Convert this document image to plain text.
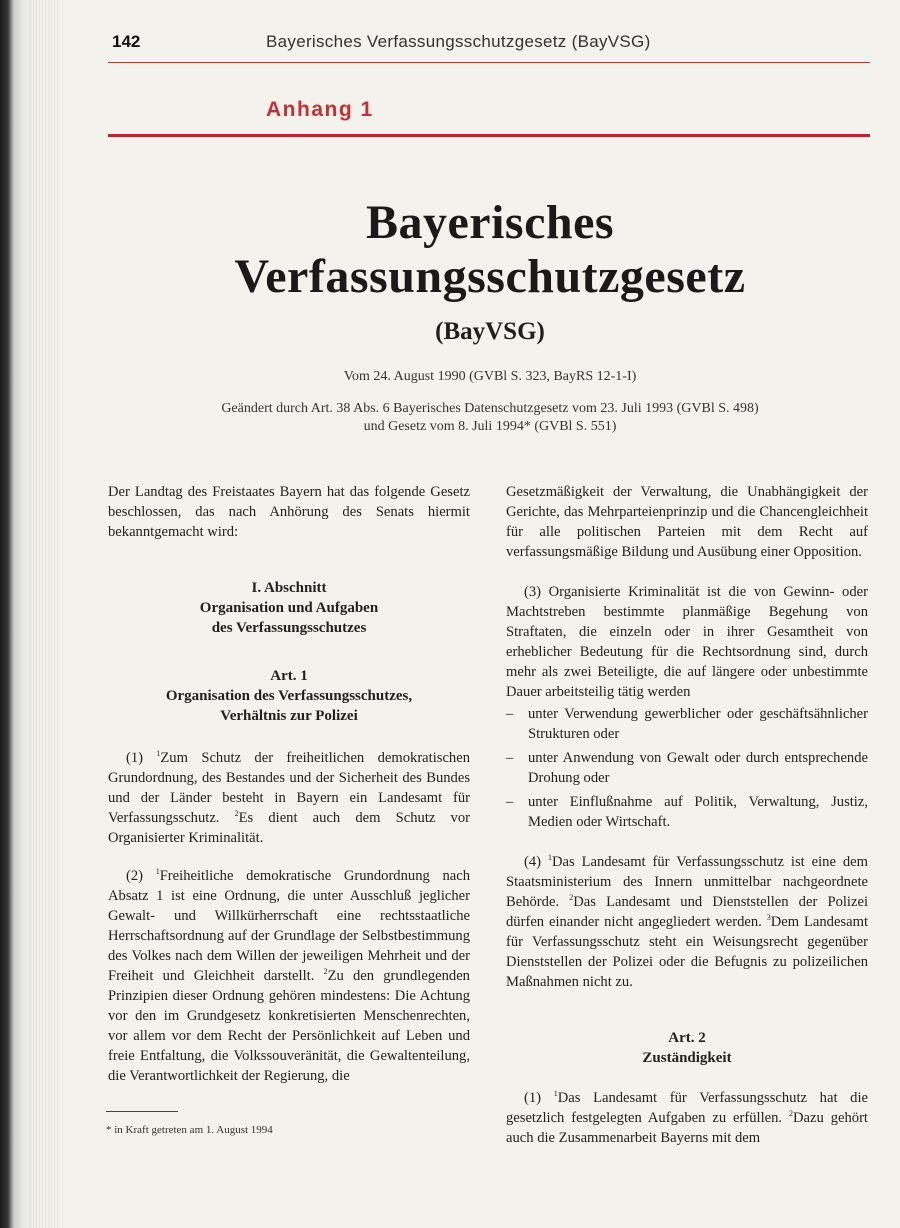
142	Bayerisches Verfassungsschutzgesetz (BayVSG)
Anhang 1
Bayerisches
Verfassungsschutzgesetz
(BayVSG)
Vom 24. August 1990 (GVBl S. 323, BayRS 12-1-I)
Geändert durch Art. 38 Abs. 6 Bayerisches Datenschutzgesetz vom 23. Juli 1993 (GVBl S. 498)
und Gesetz vom 8. Juli 1994* (GVBl S. 551)

Der Landtag des Freistaates Bayern hat das folgende Gesetz beschlossen, das nach Anhörung des Senats hiermit bekanntgemacht wird:

I. Abschnitt
Organisation und Aufgaben
des Verfassungsschutzes
Art. 1
Organisation des Verfassungsschutzes,
Verhältnis zur Polizei

(1) $^1$Zum Schutz der freiheitlichen demokratischen Grundordnung, des Bestandes und der Sicherheit des Bundes und der Länder besteht in Bayern ein Landesamt für Verfassungsschutz. $^2$Es dient auch dem Schutz vor Organisierter Kriminalität.

(2) $^1$Freiheitliche demokratische Grundordnung nach Absatz 1 ist eine Ordnung, die unter Ausschluß jeglicher Gewalt- und Willkürherrschaft eine rechtsstaatliche Herrschaftsordnung auf der Grundlage der Selbstbestimmung des Volkes nach dem Willen der jeweiligen Mehrheit und der Freiheit und Gleichheit darstellt. $^2$Zu den grundlegenden Prinzipien dieser Ordnung gehören mindestens: Die Achtung vor den im Grundgesetz konkretisierten Menschenrechten, vor allem vor dem Recht der Persönlichkeit auf Leben und freie Entfaltung, die Volkssouveränität, die Gewaltenteilung, die Verantwortlichkeit der Regierung, die

Gesetzmäßigkeit der Verwaltung, die Unabhängigkeit der Gerichte, das Mehrparteienprinzip und die Chancengleichheit für alle politischen Parteien mit dem Recht auf verfassungsmäßige Bildung und Ausübung einer Opposition.

(3) Organisierte Kriminalität ist die von Gewinn- oder Machtstreben bestimmte planmäßige Begehung von Straftaten, die einzeln oder in ihrer Gesamtheit von erheblicher Bedeutung für die Rechtsordnung sind, durch mehr als zwei Beteiligte, die auf längere oder unbestimmte Dauer arbeitsteilig tätig werden

– unter Verwendung gewerblicher oder geschäftsähnlicher Strukturen oder
– unter Anwendung von Gewalt oder durch entsprechende Drohung oder
– unter Einflußnahme auf Politik, Verwaltung, Justiz, Medien oder Wirtschaft.

(4) $^1$Das Landesamt für Verfassungsschutz ist eine dem Staatsministerium des Innern unmittelbar nachgeordnete Behörde. $^2$Das Landesamt und Dienststellen der Polizei dürfen einander nicht angegliedert werden. $^3$Dem Landesamt für Verfassungsschutz steht ein Weisungsrecht gegenüber Dienststellen der Polizei oder die Befugnis zu polizeilichen Maßnahmen nicht zu.

Art. 2
Zuständigkeit

(1) $^1$Das Landesamt für Verfassungsschutz hat die gesetzlich festgelegten Aufgaben zu erfüllen. $^2$Dazu gehört auch die Zusammenarbeit Bayerns mit dem

* in Kraft getreten am 1. August 1994
